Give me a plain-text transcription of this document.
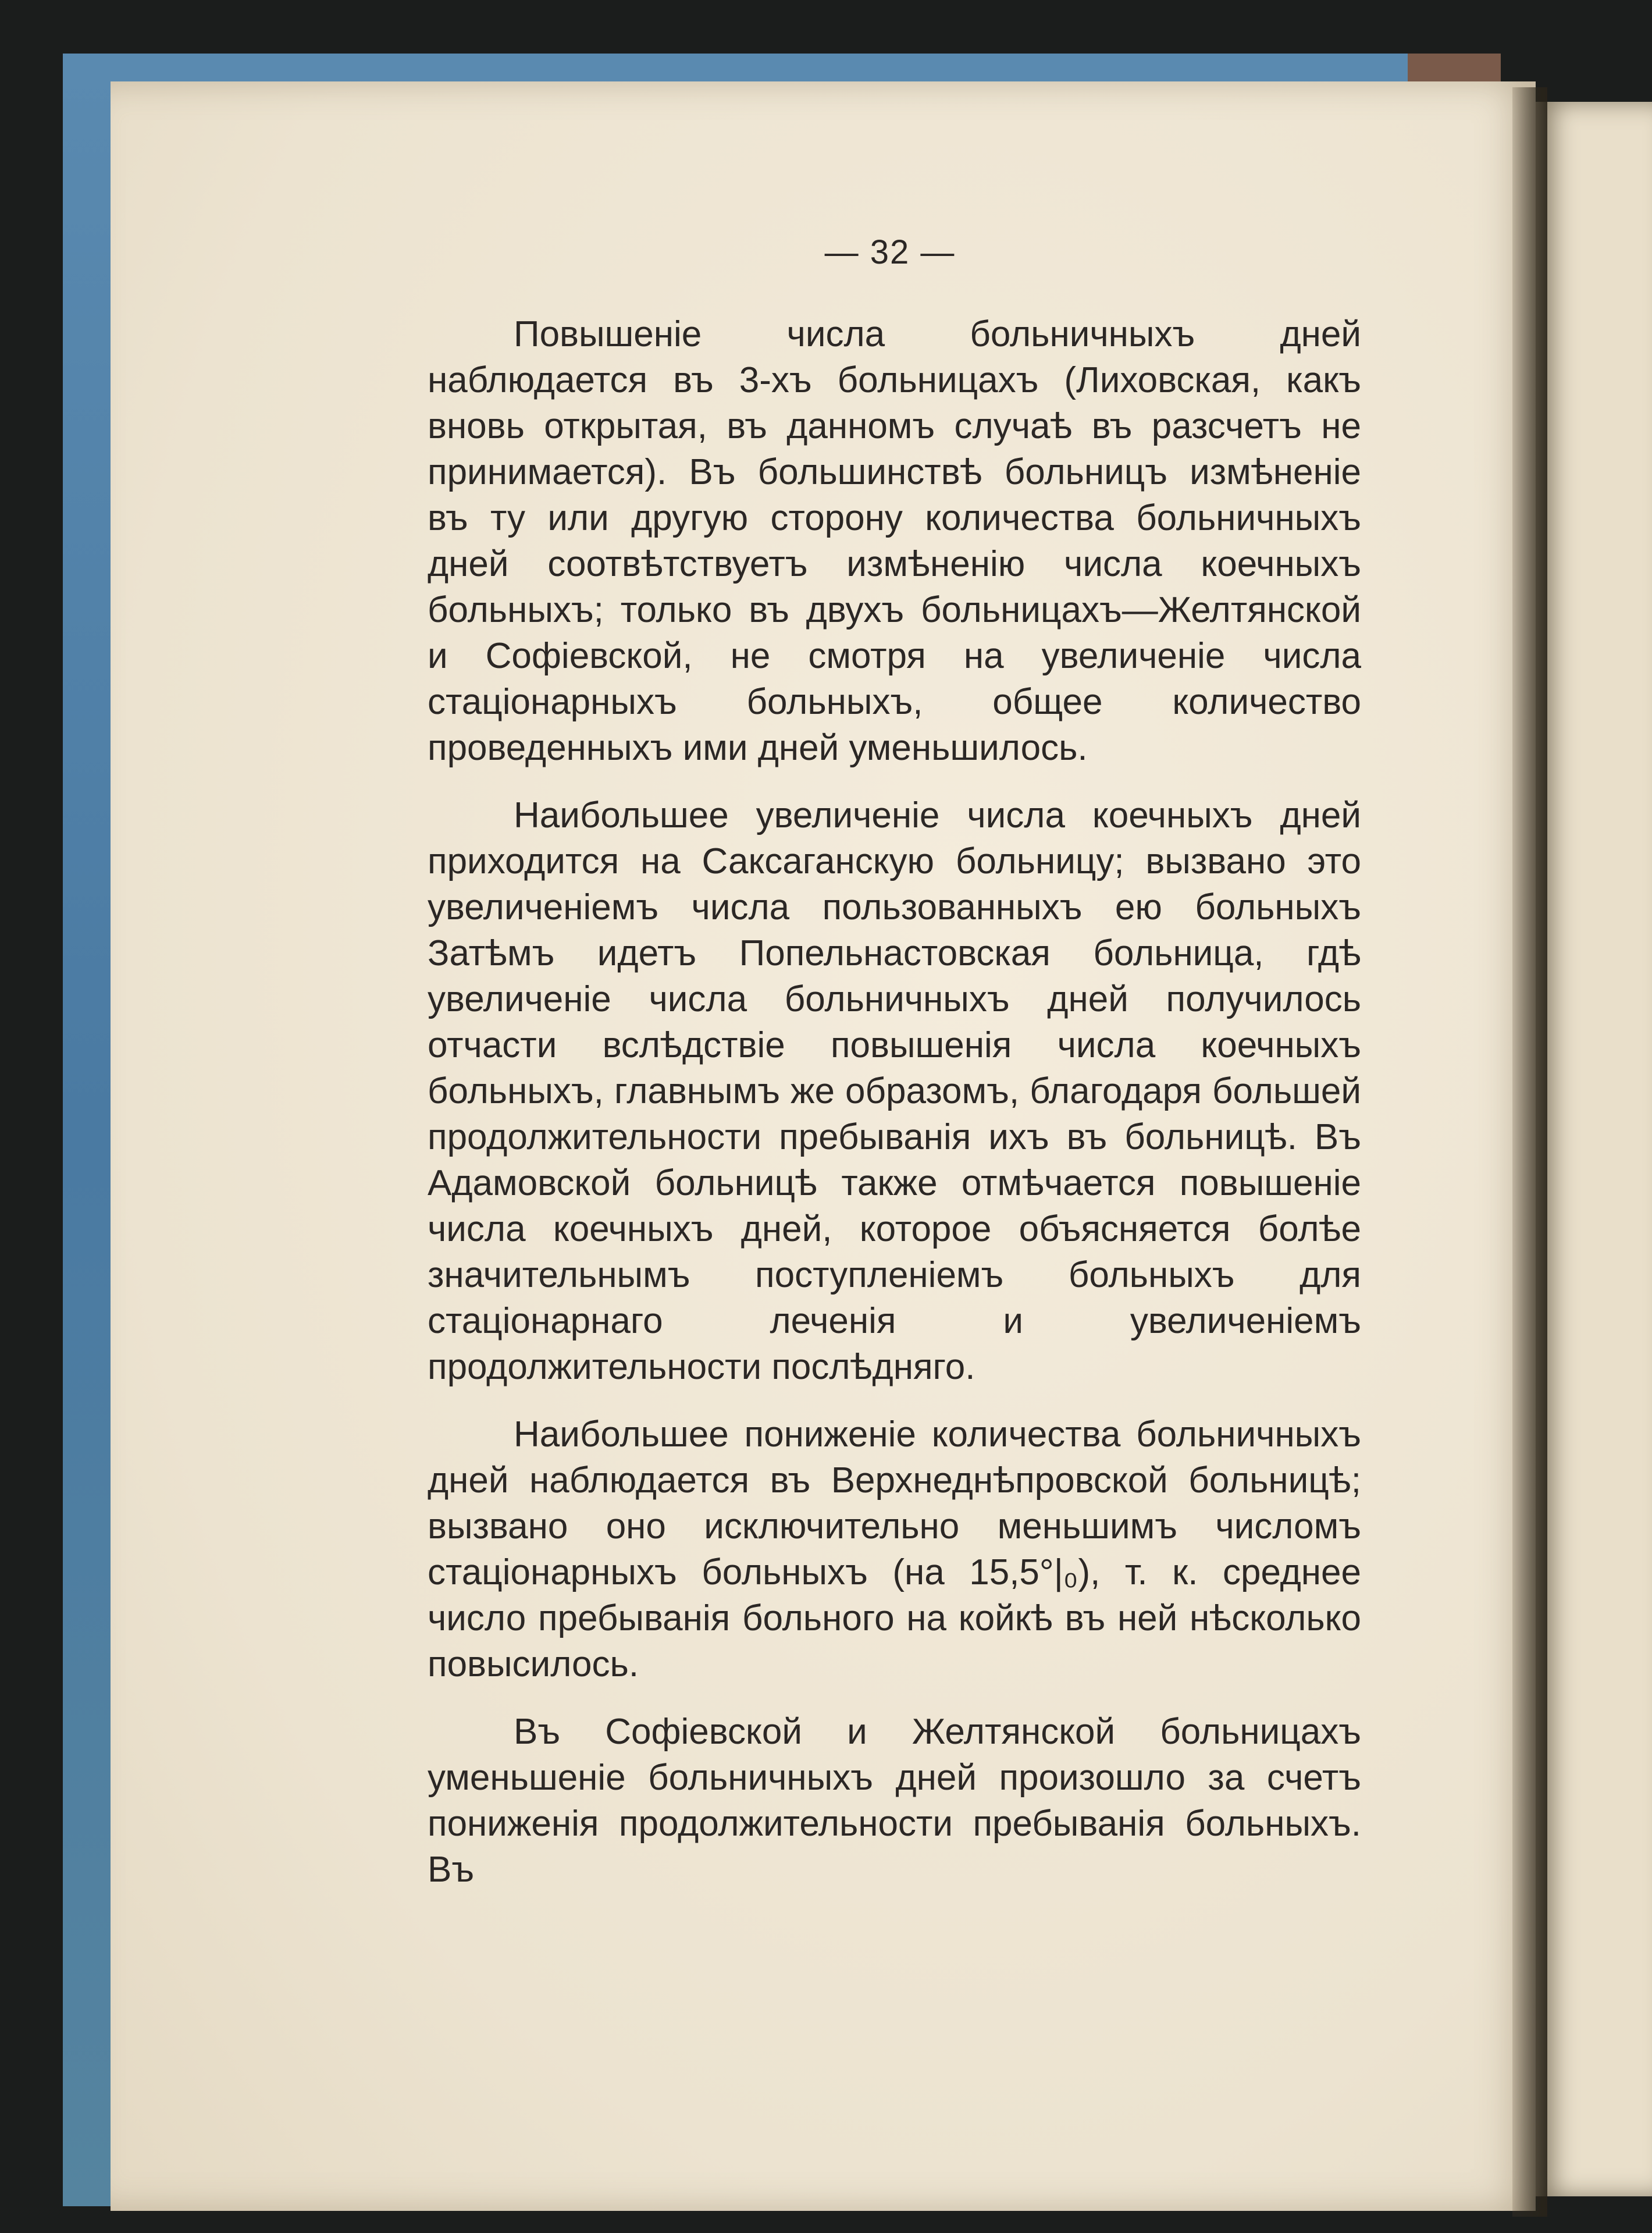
— 32 —

Повышеніе числа больничныхъ дней наблюдается въ 3-хъ больницахъ (Лиховская, какъ вновь открытая, въ данномъ случаѣ въ разсчетъ не принимается). Въ большинствѣ больницъ измѣненіе въ ту или другую сторону количества больничныхъ дней соотвѣтствуетъ измѣненію числа коечныхъ больныхъ; только въ двухъ больницахъ—Желтянской и Софіевской, не смотря на увеличеніе числа стаціонарныхъ больныхъ, общее количество проведенныхъ ими дней уменьшилось.

Наибольшее увеличеніе числа коечныхъ дней приходится на Саксаганскую больницу; вызвано это увеличеніемъ числа пользованныхъ ею больныхъ Затѣмъ идетъ Попельнастовская больница, гдѣ увеличеніе числа больничныхъ дней получилось отчасти вслѣдствіе повышенія числа коечныхъ больныхъ, главнымъ же образомъ, благодаря большей продолжительности пребыванія ихъ въ больницѣ. Въ Адамовской больницѣ также отмѣчается повышеніе числа коечныхъ дней, которое объясняется болѣе значительнымъ поступленіемъ больныхъ для стаціонарнаго леченія и увеличеніемъ продолжительности послѣдняго.

Наибольшее пониженіе количества больничныхъ дней наблюдается въ Верхнеднѣпровской больницѣ; вызвано оно исключительно меньшимъ числомъ стаціонарныхъ больныхъ (на 15,5°|₀), т. к. среднее число пребыванія больного на койкѣ въ ней нѣсколько повысилось.

Въ Софіевской и Желтянской больницахъ уменьшеніе больничныхъ дней произошло за счетъ пониженія продолжительности пребыванія больныхъ. Въ
